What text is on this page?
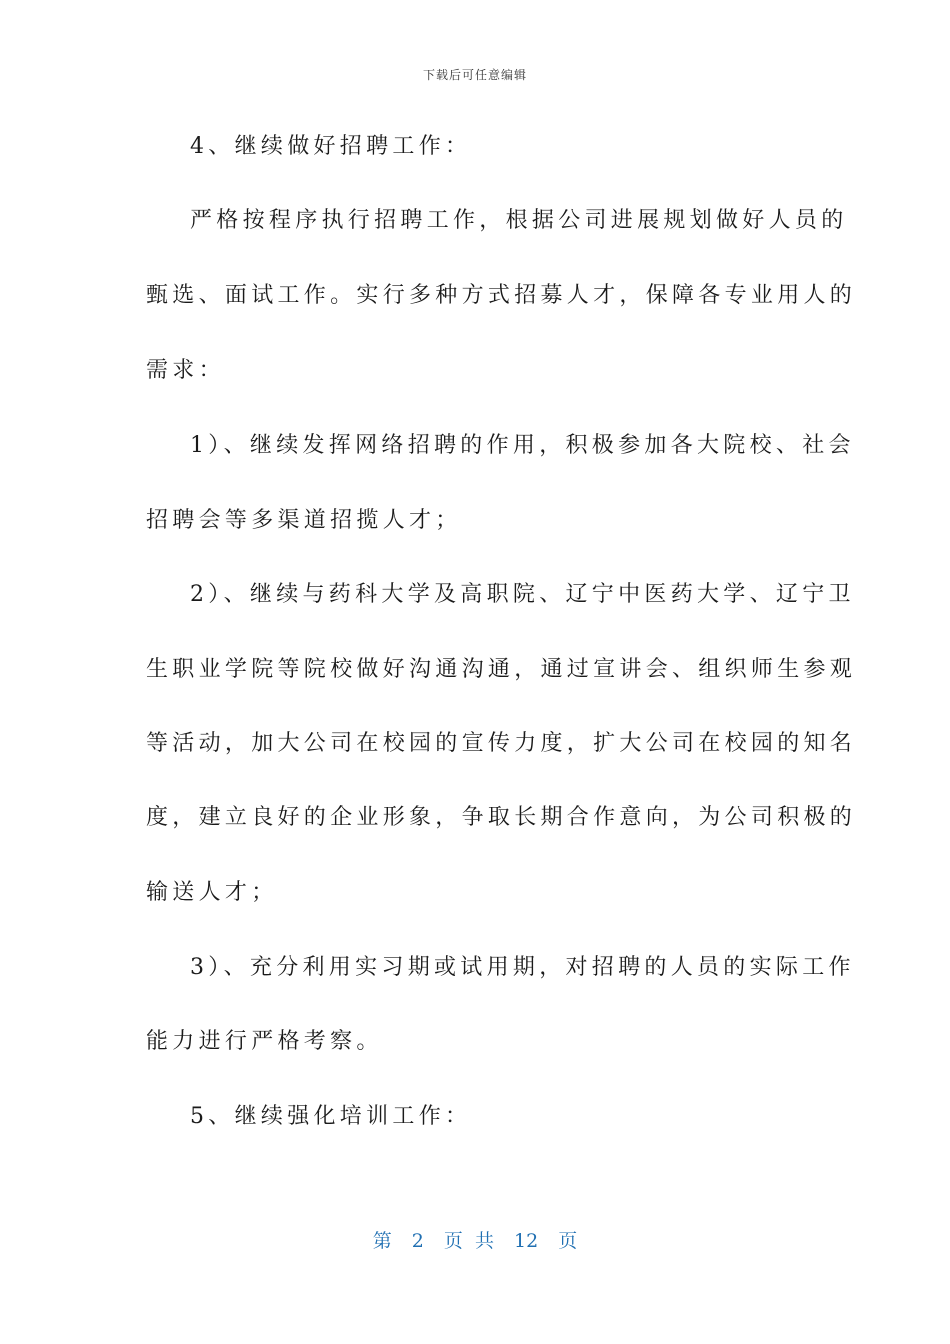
下载后可任意编辑
4、继续做好招聘工作：
严格按程序执行招聘工作，根据公司进展规划做好人员的
甄选、面试工作。实行多种方式招募人才，保障各专业用人的
需求：
1）、继续发挥网络招聘的作用，积极参加各大院校、社会
招聘会等多渠道招揽人才；
2）、继续与药科大学及高职院、辽宁中医药大学、辽宁卫
生职业学院等院校做好沟通沟通，通过宣讲会、组织师生参观
等活动，加大公司在校园的宣传力度，扩大公司在校园的知名
度，建立良好的企业形象，争取长期合作意向，为公司积极的
输送人才；
3）、充分利用实习期或试用期，对招聘的人员的实际工作
能力进行严格考察。
5、继续强化培训工作：
第 2 页 共 12 页
